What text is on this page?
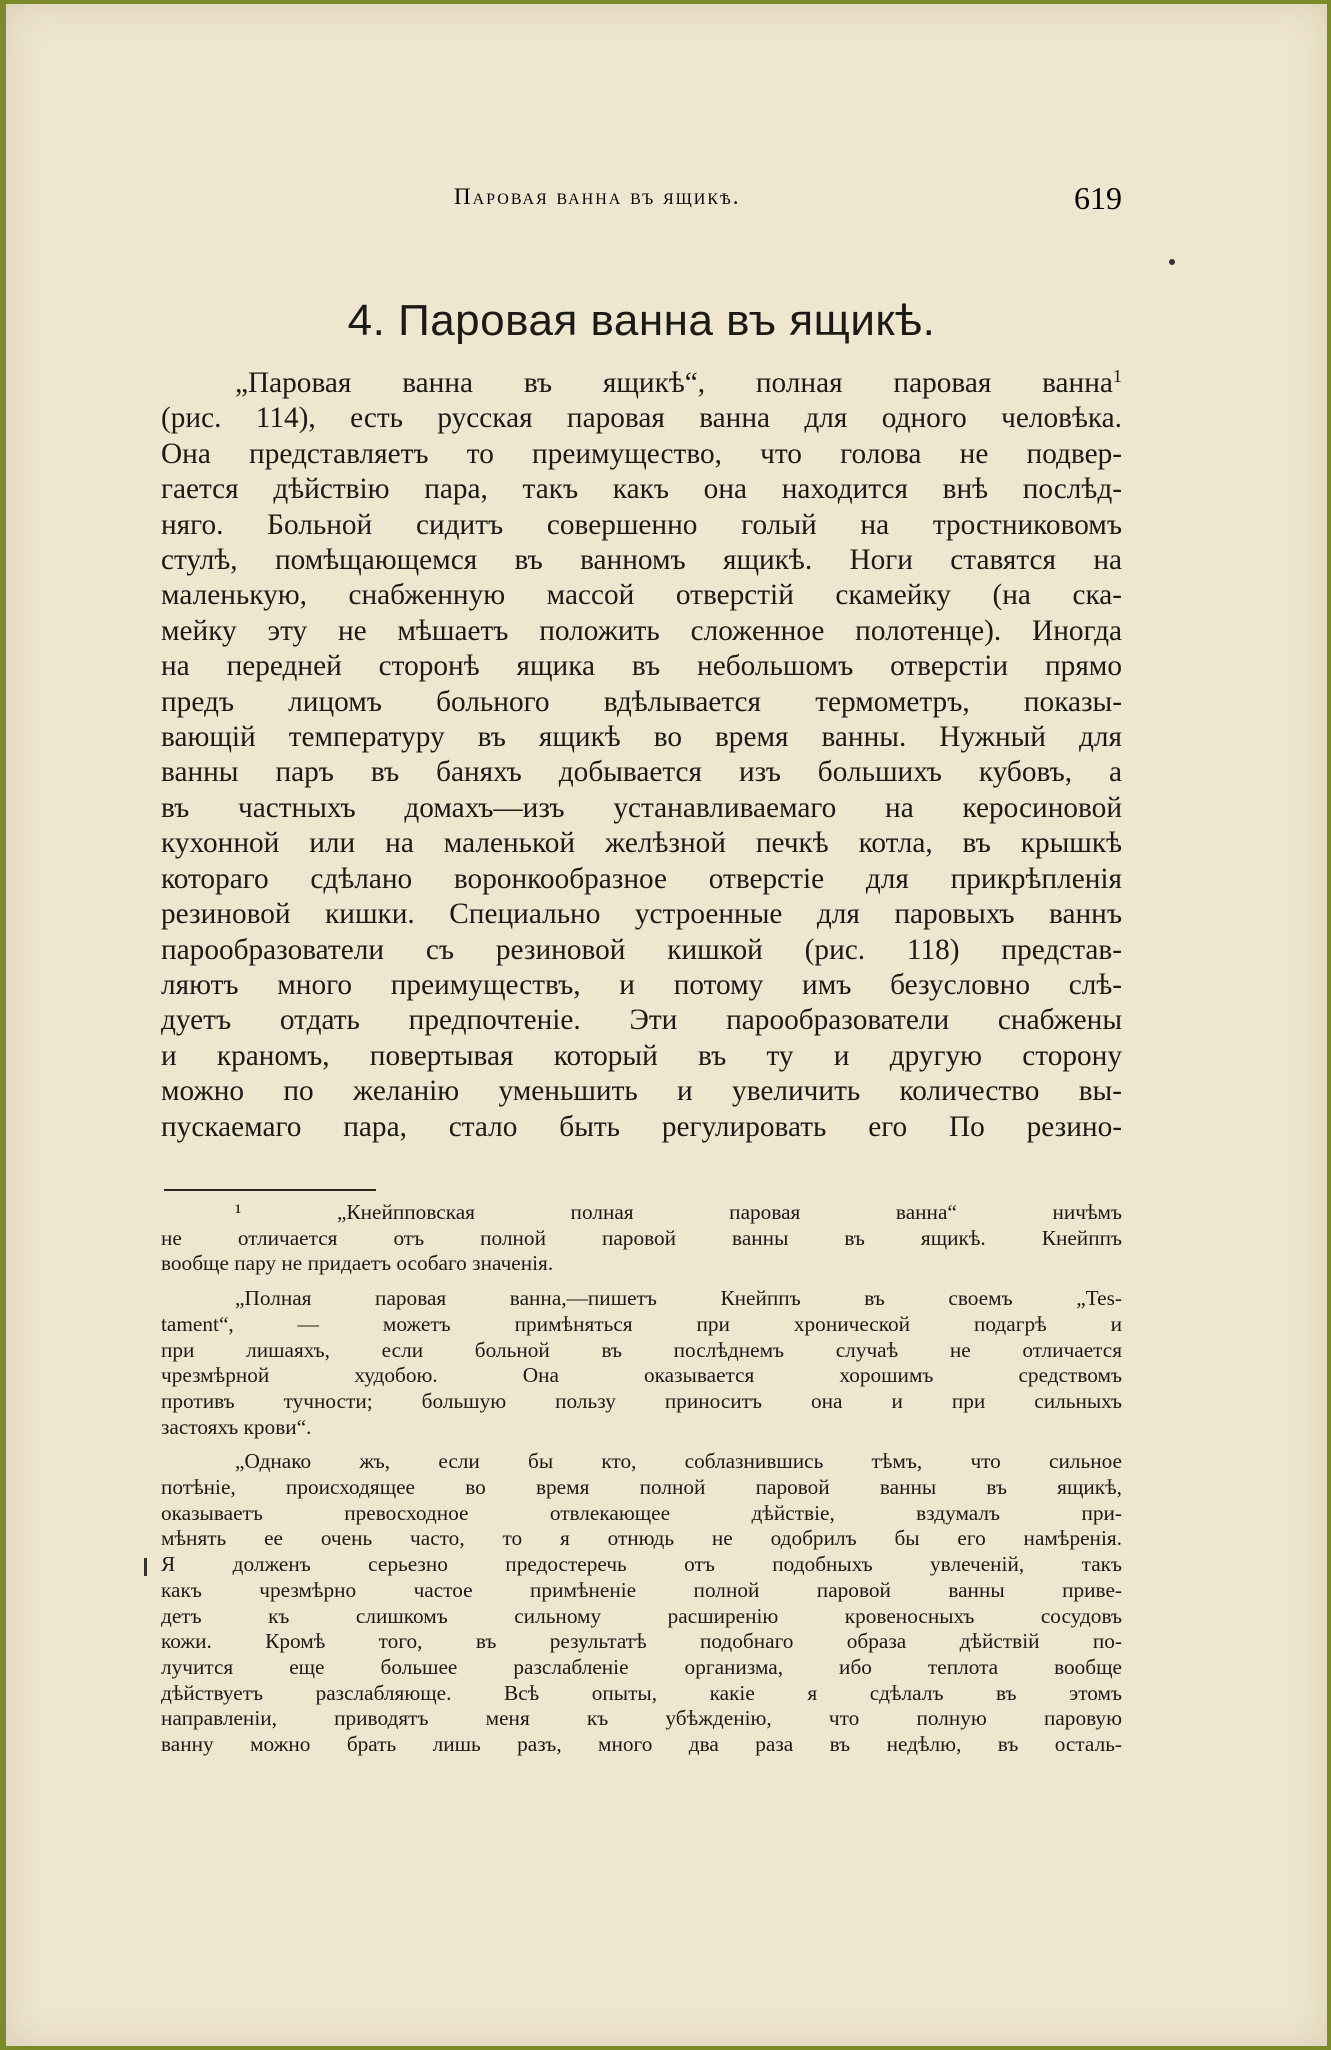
Паровая ванна въ ящикѣ.	619
4. Паровая ванна въ ящикѣ.
„Паровая ванна въ ящикѣ“, полная паровая ванна$^1$
(рис. 114), есть русская паровая ванна для одного человѣка.
Она представляетъ то преимущество, что голова не подвер-
гается дѣйствію пара, такъ какъ она находится внѣ послѣд-
няго. Больной сидитъ совершенно голый на тростниковомъ
стулѣ, помѣщающемся въ ванномъ ящикѣ. Ноги ставятся на
маленькую, снабженную массой отверстій скамейку (на ска-
мейку эту не мѣшаетъ положить сложенное полотенце). Иногда
на передней сторонѣ ящика въ небольшомъ отверстіи прямо
предъ лицомъ больного вдѣлывается термометръ, показы-
вающій температуру въ ящикѣ во время ванны. Нужный для
ванны паръ въ баняхъ добывается изъ большихъ кубовъ, а
въ частныхъ домахъ—изъ устанавливаемаго на керосиновой
кухонной или на маленькой желѣзной печкѣ котла, въ крышкѣ
котораго сдѣлано воронкообразное отверстіе для прикрѣпленія
резиновой кишки. Специально устроенные для паровыхъ ваннъ
парообразователи съ резиновой кишкой (рис. 118) представ-
ляютъ много преимуществъ, и потому имъ безусловно слѣ-
дуетъ отдать предпочтеніе. Эти парообразователи снабжены
и краномъ, повертывая который въ ту и другую сторону
можно по желанію уменьшить и увеличить количество вы-
пускаемаго пара, стало быть регулировать его По резино-
¹ „Кнейпповская полная паровая ванна“ ничѣмъ
не отличается отъ полной паровой ванны въ ящикѣ. Кнейппъ
вообще пару не придаетъ особаго значенія.
„Полная паровая ванна,—пишетъ Кнейппъ въ своемъ „Tes-
tament“, — можетъ примѣняться при хронической подагрѣ и
при лишаяхъ, если больной въ послѣднемъ случаѣ не отличается
чрезмѣрной худобою. Она оказывается хорошимъ средствомъ
противъ тучности; большую пользу приноситъ она и при сильныхъ
застояхъ крови“.
„Однако жъ, если бы кто, соблазнившись тѣмъ, что сильное
потѣніе, происходящее во время полной паровой ванны въ ящикѣ,
оказываетъ превосходное отвлекающее дѣйствіе, вздумалъ при-
мѣнять ее очень часто, то я отнюдь не одобрилъ бы его намѣренія.
Я долженъ серьезно предостеречь отъ подобныхъ увлеченій, такъ
какъ чрезмѣрно частое примѣненіе полной паровой ванны приве-
детъ къ слишкомъ сильному расширенію кровеносныхъ сосудовъ
кожи. Кромѣ того, въ результатѣ подобнаго образа дѣйствій по-
лучится еще большее разслабленіе организма, ибо теплота вообще
дѣйствуетъ разслабляюще. Всѣ опыты, какіе я сдѣлалъ въ этомъ
направленіи, приводятъ меня къ убѣжденію, что полную паровую
ванну можно брать лишь разъ, много два раза въ недѣлю, въ осталь-
